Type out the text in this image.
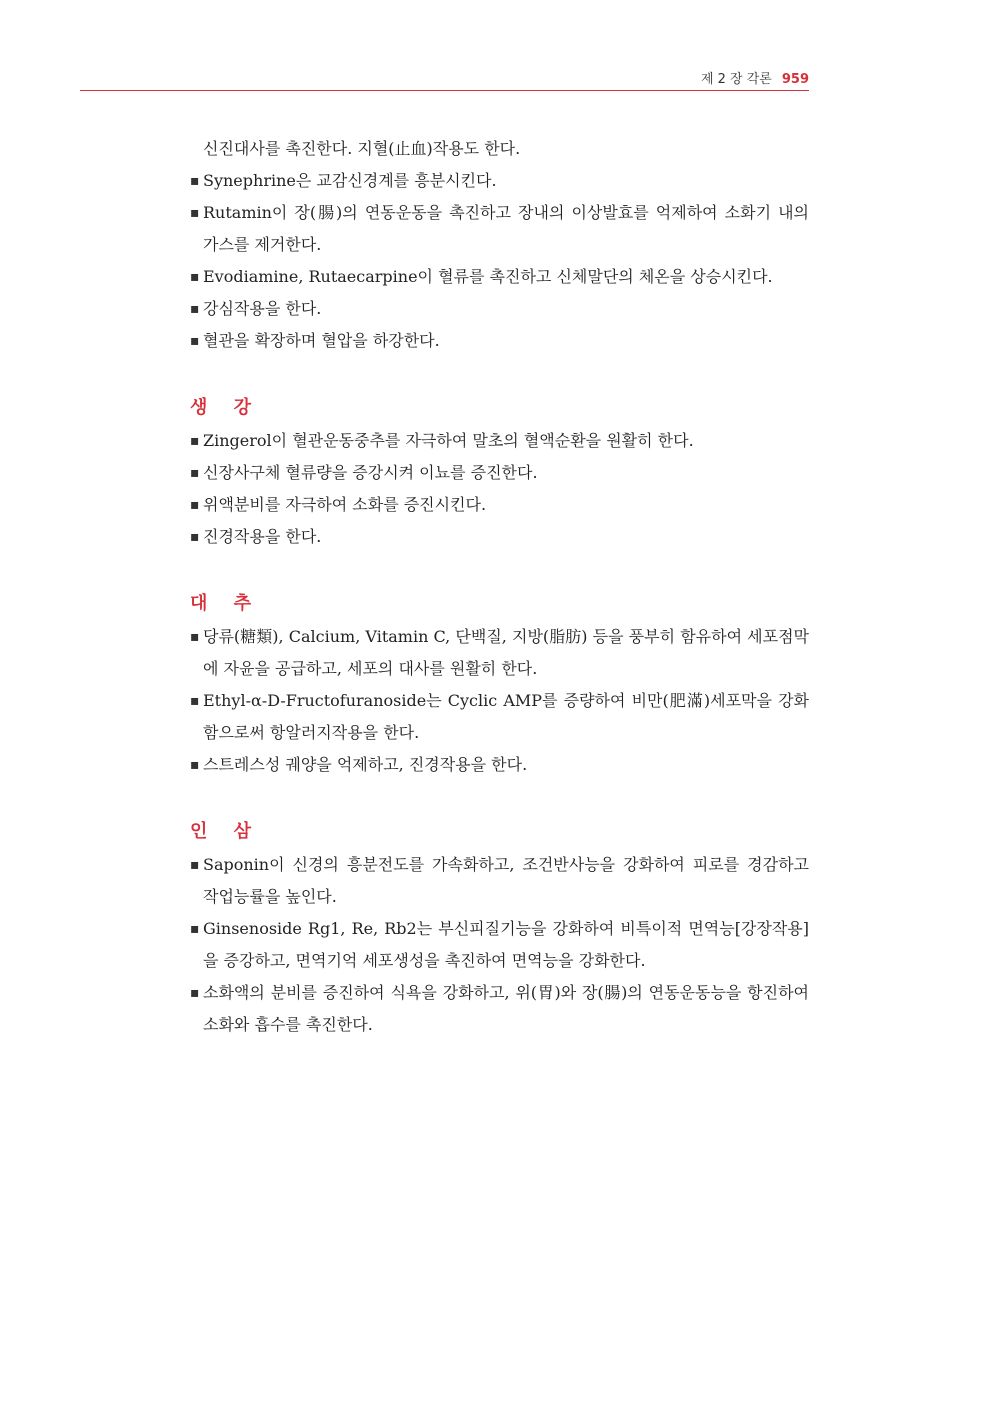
제 2 장 각론 959

신진대사를 촉진한다. 지혈(止血)작용도 한다.

▪ Synephrine은 교감신경계를 흥분시킨다.

▪ Rutamin이 장(腸)의 연동운동을 촉진하고 장내의 이상발효를 억제하여 소화기 내의 가스를 제거한다.

▪ Evodiamine, Rutaecarpine이 혈류를 촉진하고 신체말단의 체온을 상승시킨다.

▪ 강심작용을 한다.

▪ 혈관을 확장하며 혈압을 하강한다.

생 강

▪ Zingerol이 혈관운동중추를 자극하여 말초의 혈액순환을 원활히 한다.

▪ 신장사구체 혈류량을 증강시켜 이뇨를 증진한다.

▪ 위액분비를 자극하여 소화를 증진시킨다.

▪ 진경작용을 한다.

대 추

▪ 당류(糖類), Calcium, Vitamin C, 단백질, 지방(脂肪) 등을 풍부히 함유하여 세포점막에 자윤을 공급하고, 세포의 대사를 원활히 한다.

▪ Ethyl-α-D-Fructofuranoside는 Cyclic AMP를 증량하여 비만(肥滿)세포막을 강화함으로써 항알러지작용을 한다.

▪ 스트레스성 궤양을 억제하고, 진경작용을 한다.

인 삼

▪ Saponin이 신경의 흥분전도를 가속화하고, 조건반사능을 강화하여 피로를 경감하고 작업능률을 높인다.

▪ Ginsenoside Rg1, Re, Rb2는 부신피질기능을 강화하여 비특이적 면역능[강장작용]을 증강하고, 면역기억 세포생성을 촉진하여 면역능을 강화한다.

▪ 소화액의 분비를 증진하여 식욕을 강화하고, 위(胃)와 장(腸)의 연동운동능을 항진하여 소화와 흡수를 촉진한다.
